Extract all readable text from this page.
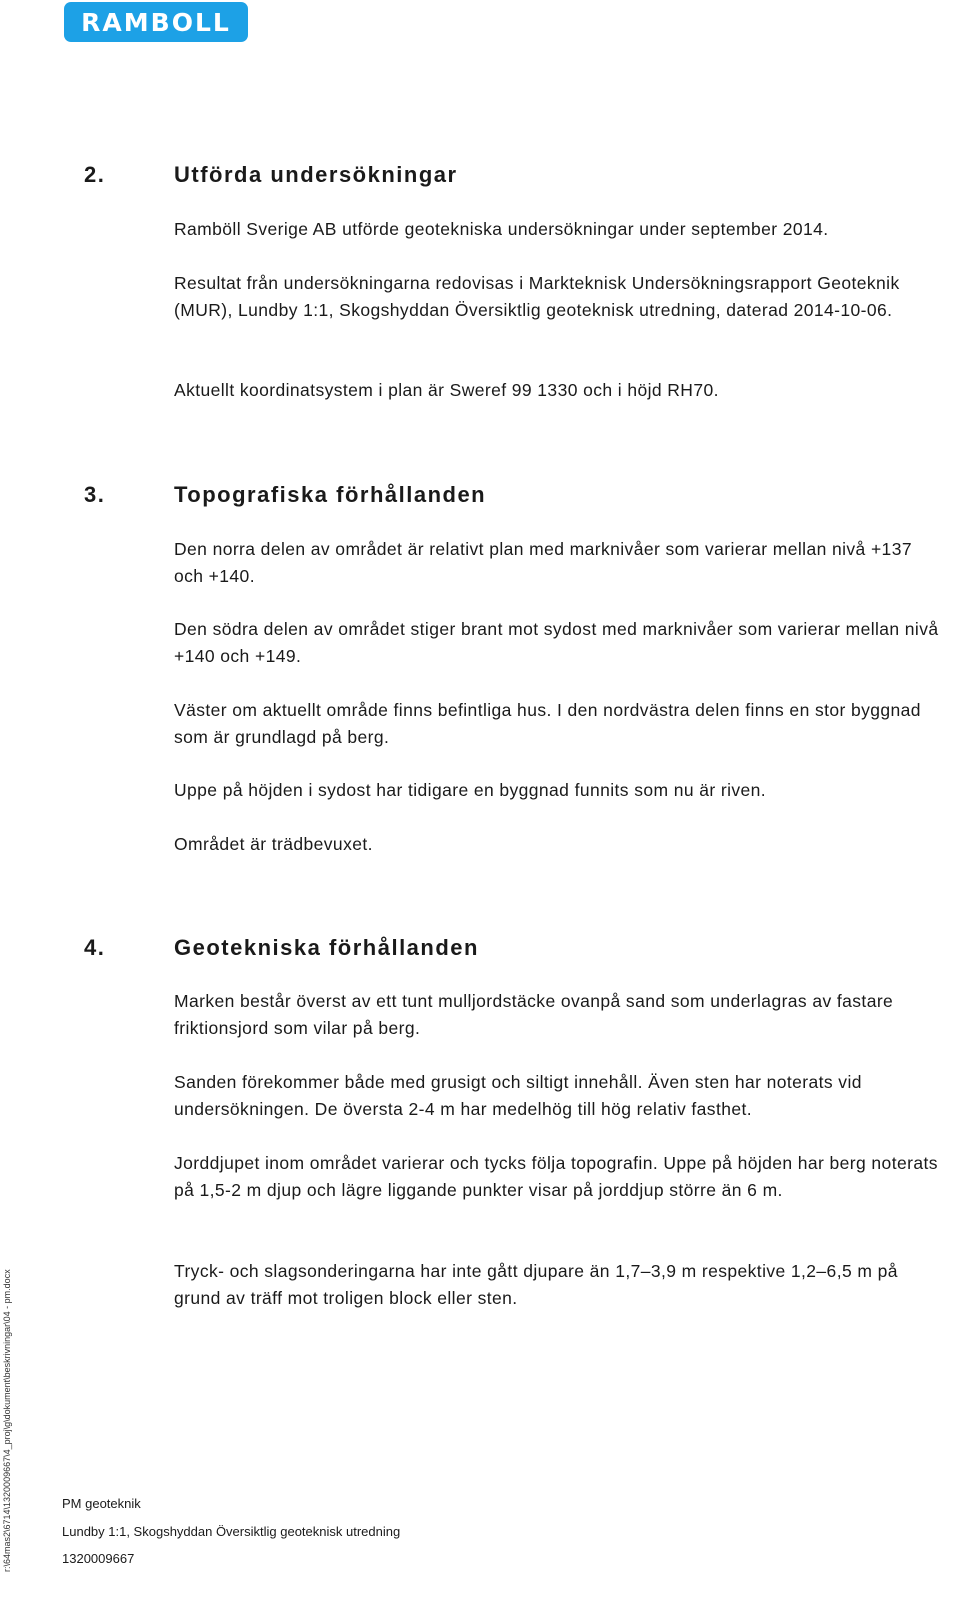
RAMBOLL
2.	Utförda undersökningar
Ramböll Sverige AB utförde geotekniska undersökningar under september 2014.
Resultat från undersökningarna redovisas i Markteknisk Undersökningsrapport Geoteknik (MUR), Lundby 1:1, Skogshyddan Översiktlig geoteknisk utredning, daterad 2014-10-06.
Aktuellt koordinatsystem i plan är Sweref 99 1330 och i höjd RH70.
3.	Topografiska förhållanden
Den norra delen av området är relativt plan med marknivåer som varierar mellan nivå +137 och +140.
Den södra delen av området stiger brant mot sydost med marknivåer som varierar mellan nivå +140 och +149.
Väster om aktuellt område finns befintliga hus. I den nordvästra delen finns en stor byggnad som är grundlagd på berg.
Uppe på höjden i sydost har tidigare en byggnad funnits som nu är riven.
Området är trädbevuxet.
4.	Geotekniska förhållanden
Marken består överst av ett tunt mulljordstäcke ovanpå sand som underlagras av fastare friktionsjord som vilar på berg.
Sanden förekommer både med grusigt och siltigt innehåll. Även sten har noterats vid undersökningen. De översta 2-4 m har medelhög till hög relativ fasthet.
Jorddjupet inom området varierar och tycks följa topografin. Uppe på höjden har berg noterats på 1,5-2 m djup och lägre liggande punkter visar på jorddjup större än 6 m.
Tryck- och slagsonderingarna har inte gått djupare än 1,7–3,9 m respektive 1,2–6,5 m på grund av träff mot troligen block eller sten.
r:\64mas2\6714\1320009667\4_proj\g\dokument\beskrivningar\04 - pm.docx	PM geoteknik
Lundby 1:1, Skogshyddan Översiktlig geoteknisk utredning
1320009667
